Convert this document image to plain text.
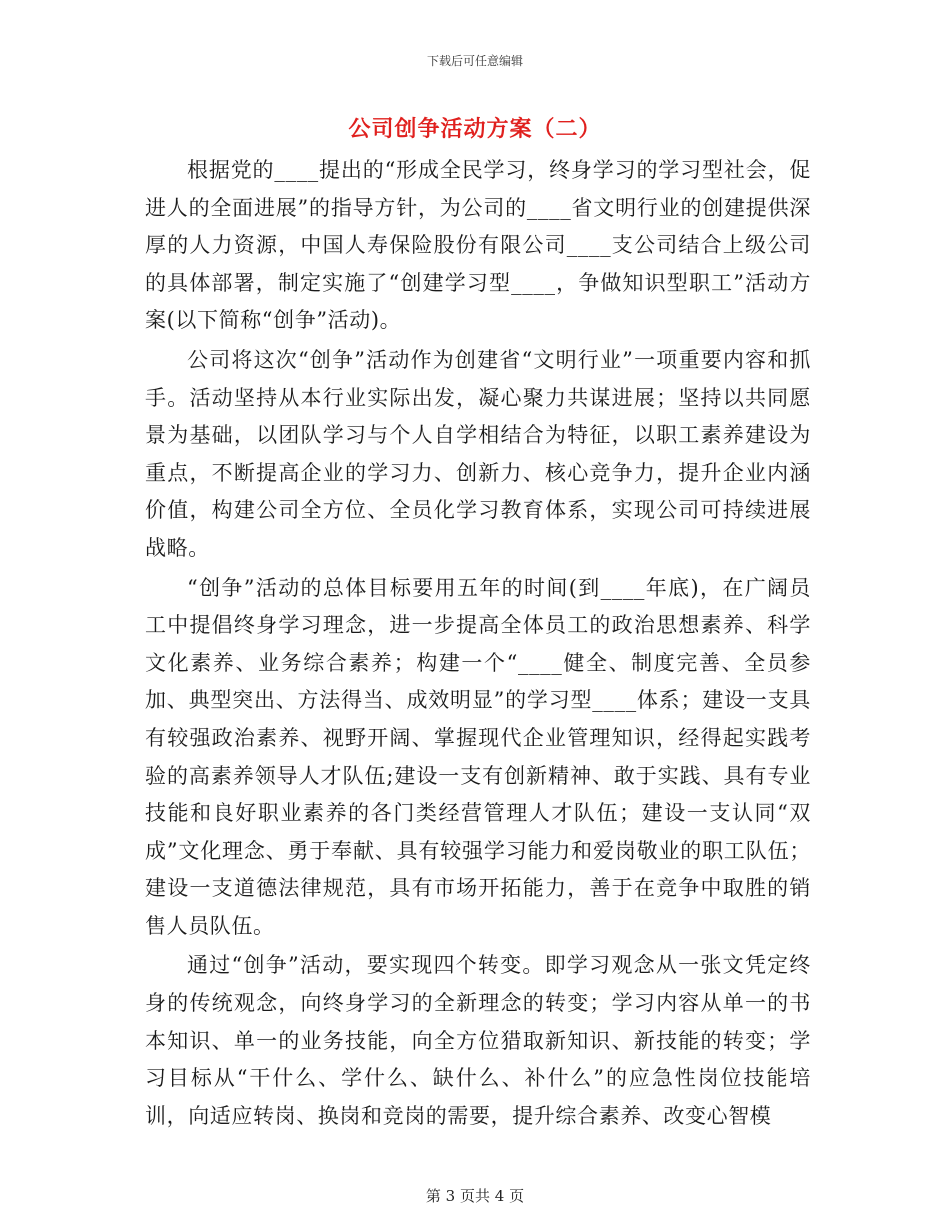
下载后可任意编辑
公司创争活动方案（二）

根据党的____提出的“形成全民学习，终身学习的学习型社会，促进人的全面进展”的指导方针，为公司的____省文明行业的创建提供深厚的人力资源，中国人寿保险股份有限公司____支公司结合上级公司的具体部署，制定实施了“创建学习型____，争做知识型职工”活动方案(以下简称“创争”活动)。

公司将这次“创争”活动作为创建省“文明行业”一项重要内容和抓手。活动坚持从本行业实际出发，凝心聚力共谋进展；坚持以共同愿景为基础，以团队学习与个人自学相结合为特征，以职工素养建设为重点，不断提高企业的学习力、创新力、核心竞争力，提升企业内涵价值，构建公司全方位、全员化学习教育体系，实现公司可持续进展战略。

“创争”活动的总体目标要用五年的时间(到____年底)，在广阔员工中提倡终身学习理念，进一步提高全体员工的政治思想素养、科学文化素养、业务综合素养；构建一个“____健全、制度完善、全员参加、典型突出、方法得当、成效明显”的学习型____体系；建设一支具有较强政治素养、视野开阔、掌握现代企业管理知识，经得起实践考验的高素养领导人才队伍;建设一支有创新精神、敢于实践、具有专业技能和良好职业素养的各门类经营管理人才队伍；建设一支认同“双成”文化理念、勇于奉献、具有较强学习能力和爱岗敬业的职工队伍；建设一支道德法律规范，具有市场开拓能力，善于在竞争中取胜的销售人员队伍。

通过“创争”活动，要实现四个转变。即学习观念从一张文凭定终身的传统观念，向终身学习的全新理念的转变；学习内容从单一的书本知识、单一的业务技能，向全方位猎取新知识、新技能的转变；学习目标从“干什么、学什么、缺什么、补什么”的应急性岗位技能培训，向适应转岗、换岗和竞岗的需要，提升综合素养、改变心智模

第 3 页共 4 页
